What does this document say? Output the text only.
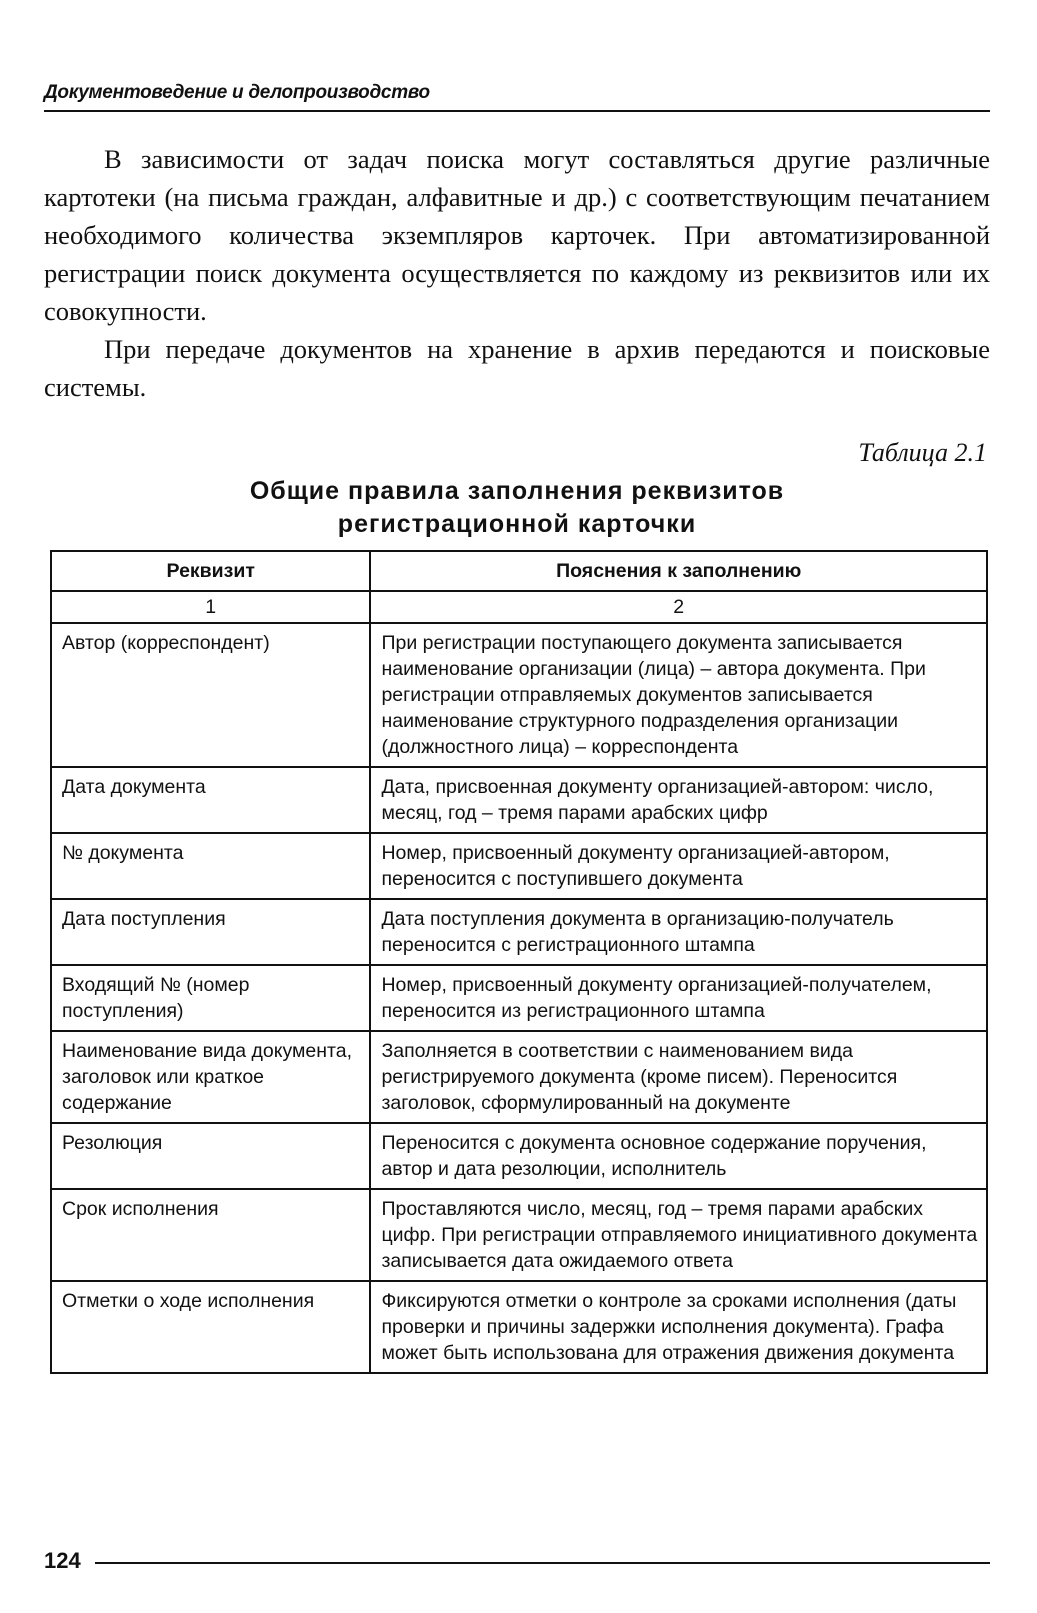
Документоведение и делопроизводство

В зависимости от задач поиска могут составляться другие различные картотеки (на письма граждан, алфавитные и др.) с соответствующим печатанием необходимого количества экземпляров карточек. При автоматизированной регистрации поиск документа осуществляется по каждому из реквизитов или их совокупности.

При передаче документов на хранение в архив передаются и поисковые системы.

Таблица 2.1
Общие правила заполнения реквизитов
регистрационной карточки
Реквизит	Пояснения к заполнению
1	2
Автор (корреспондент)	При регистрации поступающего документа записывается наименование организации (лица) – автора документа. При регистрации отправляемых документов записывается наименование структурного подразделения организации (должностного лица) – корреспондента
Дата документа	Дата, присвоенная документу организацией-автором: число, месяц, год – тремя парами арабских цифр
№ документа	Номер, присвоенный документу организацией-автором, переносится с поступившего документа
Дата поступления	Дата поступления документа в организацию-получатель переносится с регистрационного штампа
Входящий № (номер поступления)	Номер, присвоенный документу организацией-получателем, переносится из регистрационного штампа
Наименование вида документа, заголовок или краткое содержание	Заполняется в соответствии с наименованием вида регистрируемого документа (кроме писем). Переносится заголовок, сформулированный на документе
Резолюция	Переносится с документа основное содержание поручения, автор и дата резолюции, исполнитель
Срок исполнения	Проставляются число, месяц, год – тремя парами арабских цифр. При регистрации отправляемого инициативного документа записывается дата ожидаемого ответа
Отметки о ходе исполнения	Фиксируются отметки о контроле за сроками исполнения (даты проверки и причины задержки исполнения документа). Графа может быть использована для отражения движения документа
124
